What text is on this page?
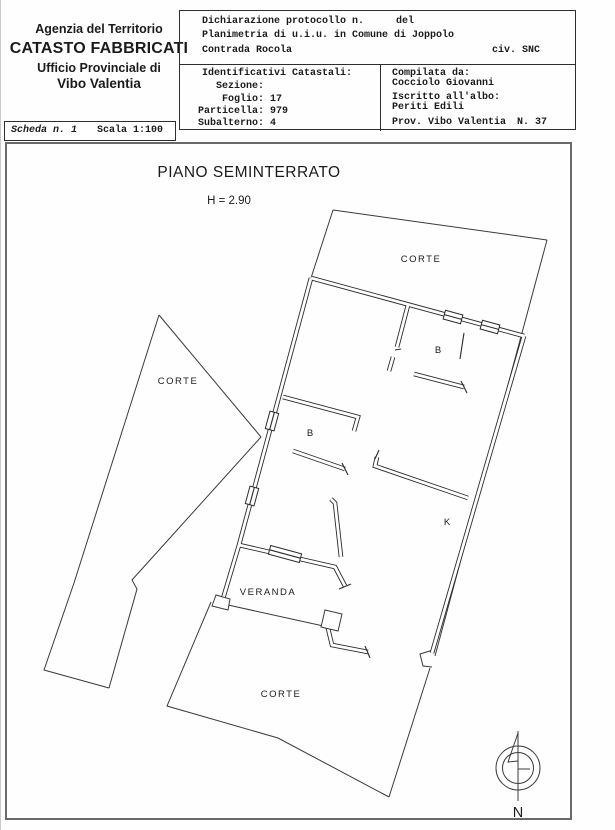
Agenzia del Territorio
CATASTO FABBRICATI
Ufficio Provinciale di
Vibo Valentia
Dichiarazione protocollo n.	del
Planimetria di u.i.u. in Comune di Joppolo
Contrada Rocola	civ. SNC
Identificativi Catastali:
Sezione:
Foglio: 17
Particella: 979
Subalterno: 4
Compilata da:
Cocciolo Giovanni
Iscritto all'albo:
Periti Edili
Prov. Vibo Valentia N. 37
Scheda n. 1 Scala 1:100
PIANO SEMINTERRATO
H = 2.90
CORTE
CORTE
CORTE
VERANDA
B
B
K
N
